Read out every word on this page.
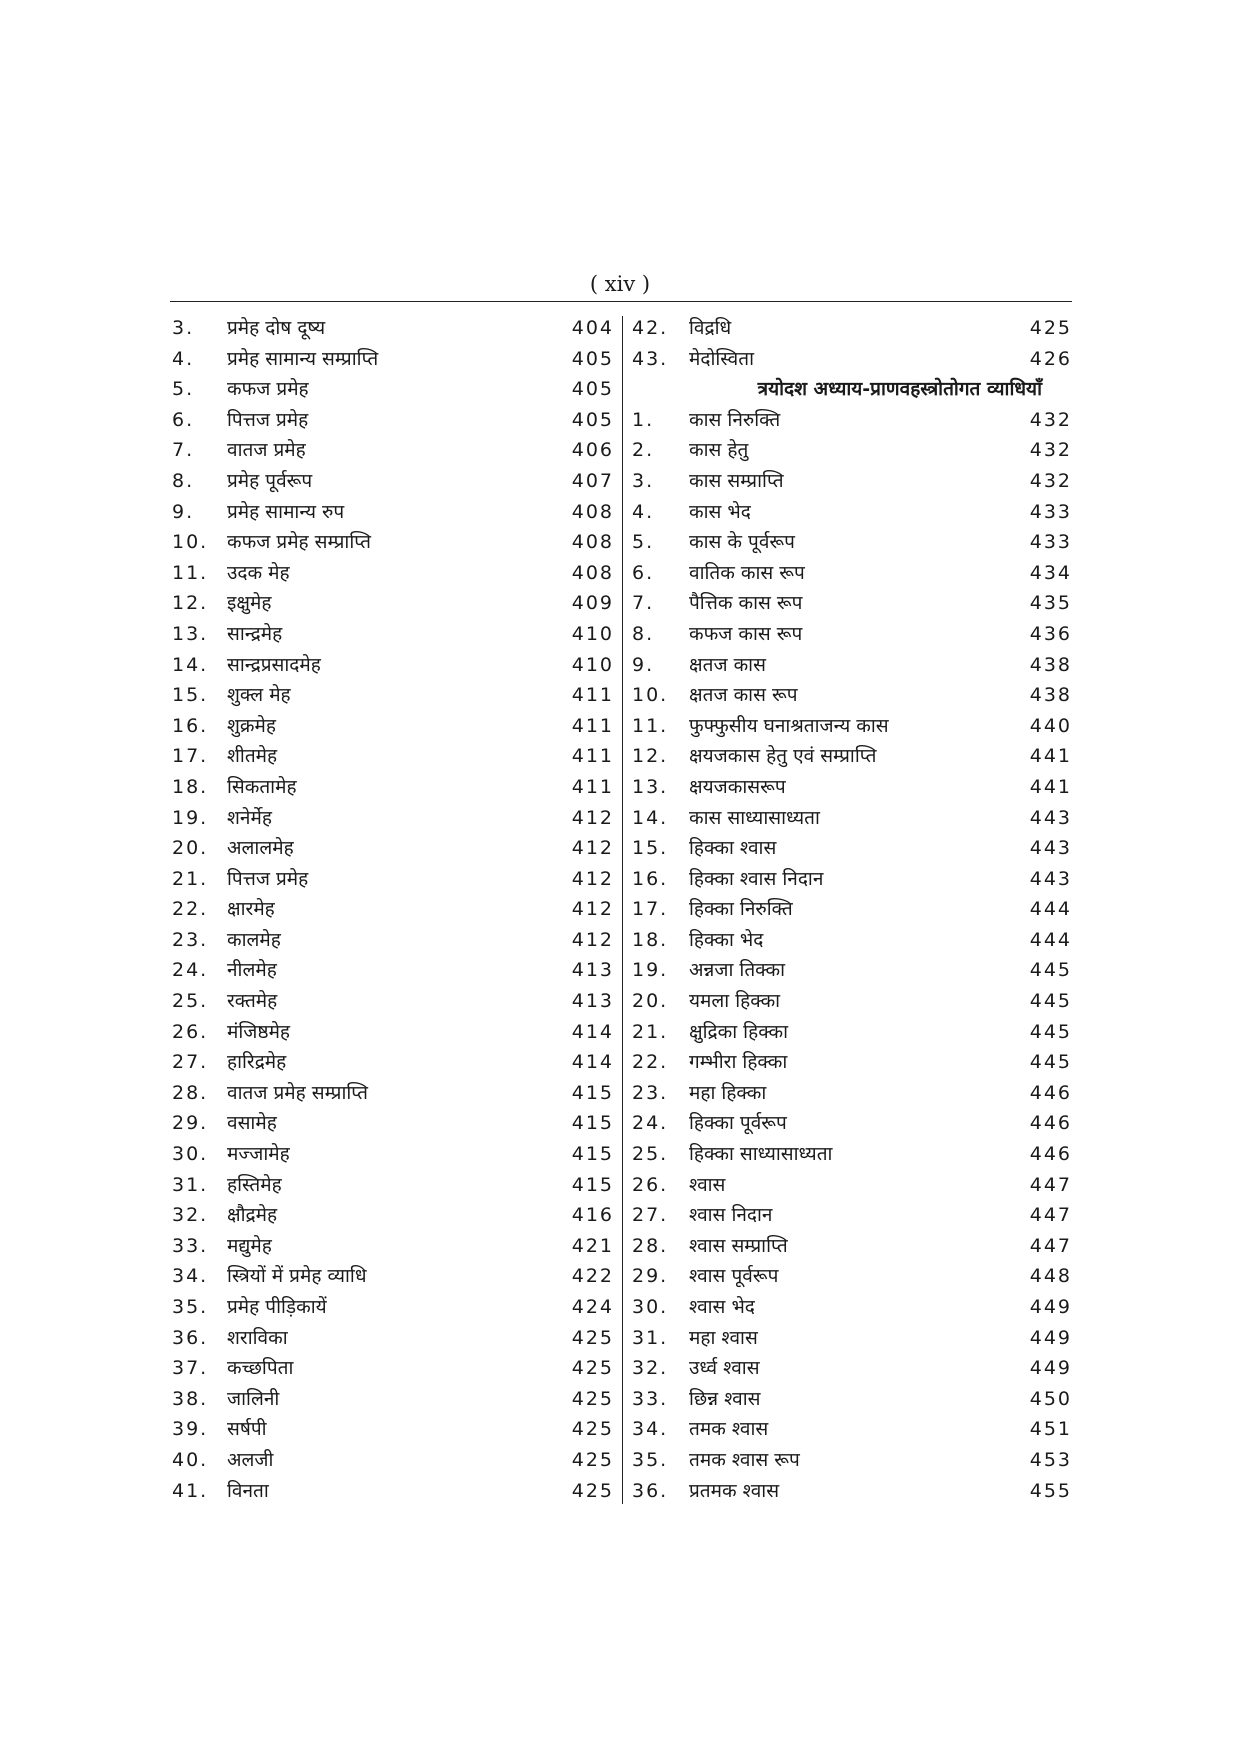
( xiv )
3. प्रमेह दोष दूष्य	404
4. प्रमेह सामान्य सम्प्राप्ति	405
5. कफज प्रमेह	405
6. पित्तज प्रमेह	405
7. वातज प्रमेह	406
8. प्रमेह पूर्वरूप	407
9. प्रमेह सामान्य रुप	408
10. कफज प्रमेह सम्प्राप्ति	408
11. उदक मेह	408
12. इक्षुमेह	409
13. सान्द्रमेह	410
14. सान्द्रप्रसादमेह	410
15. शुक्ल मेह	411
16. शुक्रमेह	411
17. शीतमेह	411
18. सिकतामेह	411
19. शनेर्मेह	412
20. अलालमेह	412
21. पित्तज प्रमेह	412
22. क्षारमेह	412
23. कालमेह	412
24. नीलमेह	413
25. रक्तमेह	413
26. मंजिष्ठमेह	414
27. हारिद्रमेह	414
28. वातज प्रमेह सम्प्राप्ति	415
29. वसामेह	415
30. मज्जामेह	415
31. हस्तिमेह	415
32. क्षौद्रमेह	416
33. मद्युमेह	421
34. स्त्रियों में प्रमेह व्याधि	422
35. प्रमेह पीड़िकायें	424
36. शराविका	425
37. कच्छपिता	425
38. जालिनी	425
39. सर्षपी	425
40. अलजी	425
41. विनता	425
42. विद्रधि	425
43. मेदोस्विता	426
त्रयोदश अध्याय-प्राणवहस्त्रोतोगत व्याधियाँ
1. कास निरुक्ति	432
2. कास हेतु	432
3. कास सम्प्राप्ति	432
4. कास भेद	433
5. कास के पूर्वरूप	433
6. वातिक कास रूप	434
7. पैत्तिक कास रूप	435
8. कफज कास रूप	436
9. क्षतज कास	438
10. क्षतज कास रूप	438
11. फुफ्फुसीय घनाश्रताजन्य कास	440
12. क्षयजकास हेतु एवं सम्प्राप्ति	441
13. क्षयजकासरूप	441
14. कास साध्यासाध्यता	443
15. हिक्का श्वास	443
16. हिक्का श्वास निदान	443
17. हिक्का निरुक्ति	444
18. हिक्का भेद	444
19. अन्नजा तिक्का	445
20. यमला हिक्का	445
21. क्षुद्रिका हिक्का	445
22. गम्भीरा हिक्का	445
23. महा हिक्का	446
24. हिक्का पूर्वरूप	446
25. हिक्का साध्यासाध्यता	446
26. श्वास	447
27. श्वास निदान	447
28. श्वास सम्प्राप्ति	447
29. श्वास पूर्वरूप	448
30. श्वास भेद	449
31. महा श्वास	449
32. उर्ध्व श्वास	449
33. छिन्न श्वास	450
34. तमक श्वास	451
35. तमक श्वास रूप	453
36. प्रतमक श्वास	455
